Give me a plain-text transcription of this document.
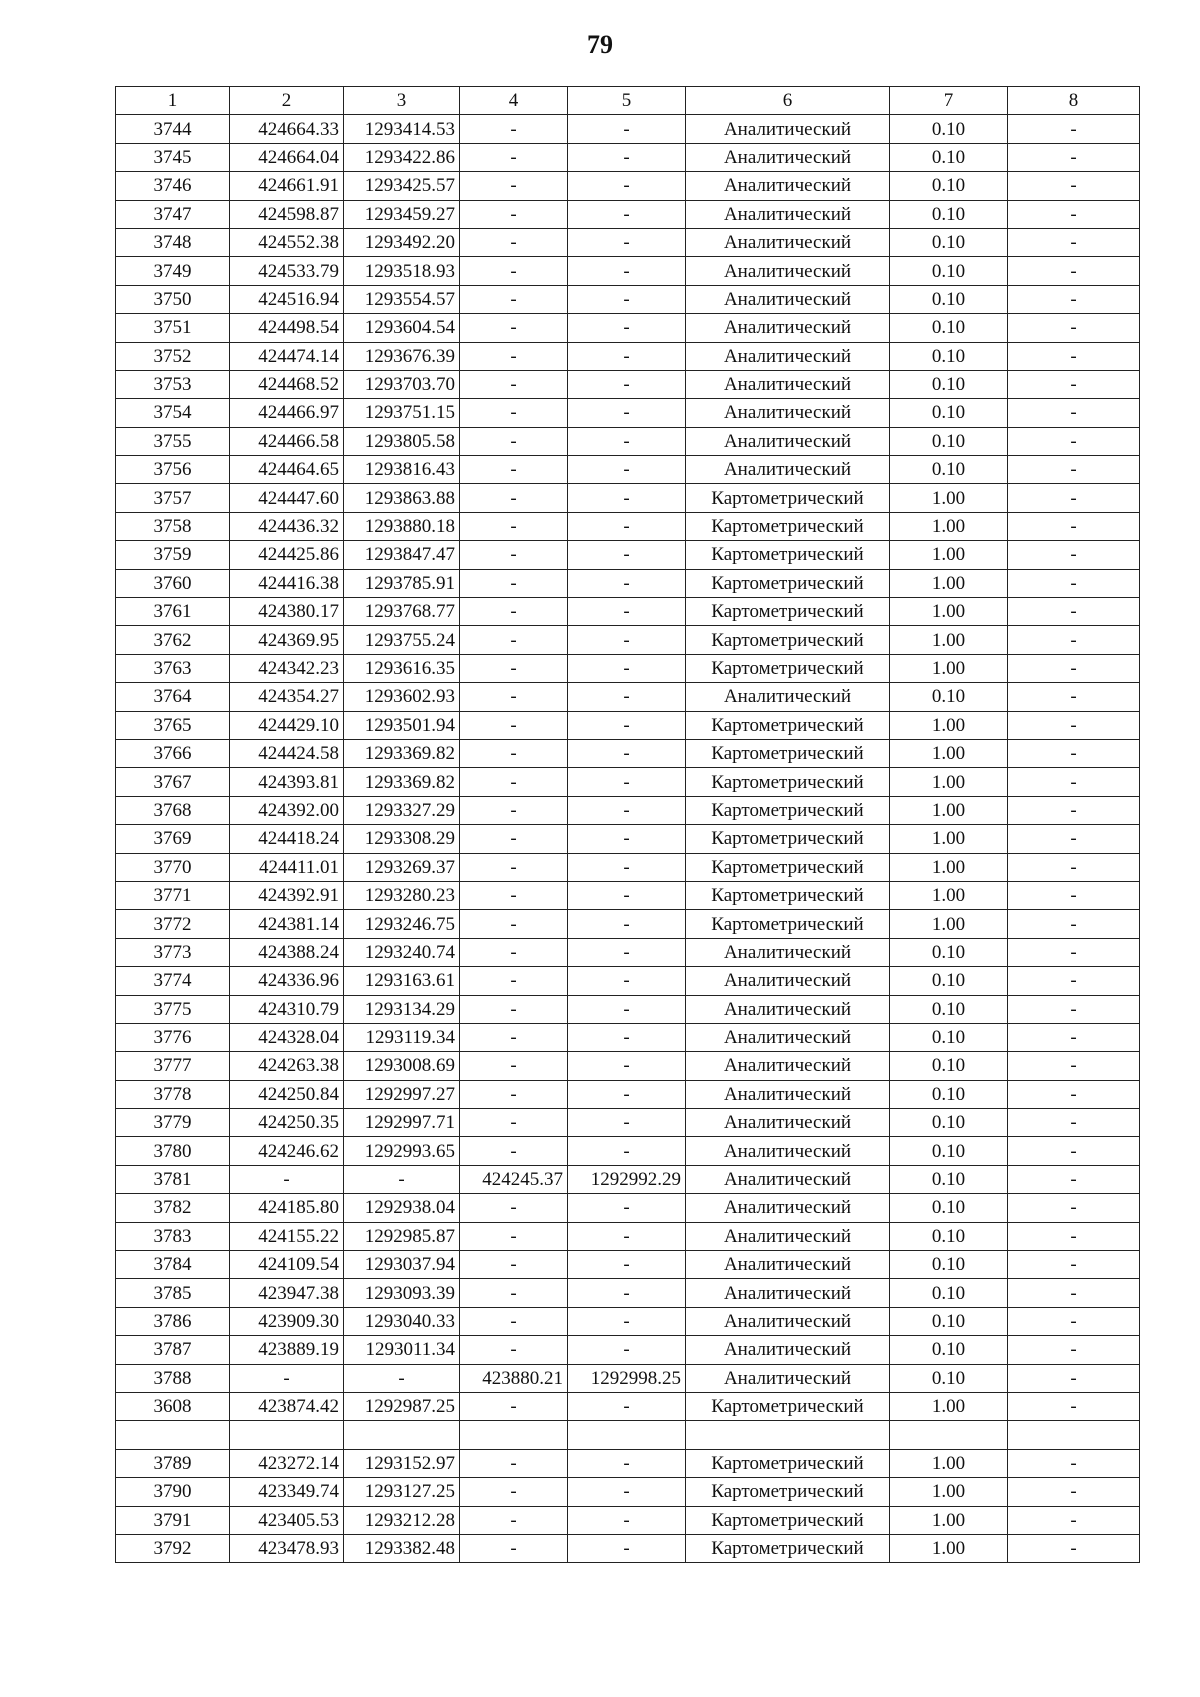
79
1	2	3	4	5	6	7	8
3744	424664.33	1293414.53	-	-	Аналитический	0.10	-
3745	424664.04	1293422.86	-	-	Аналитический	0.10	-
3746	424661.91	1293425.57	-	-	Аналитический	0.10	-
3747	424598.87	1293459.27	-	-	Аналитический	0.10	-
3748	424552.38	1293492.20	-	-	Аналитический	0.10	-
3749	424533.79	1293518.93	-	-	Аналитический	0.10	-
3750	424516.94	1293554.57	-	-	Аналитический	0.10	-
3751	424498.54	1293604.54	-	-	Аналитический	0.10	-
3752	424474.14	1293676.39	-	-	Аналитический	0.10	-
3753	424468.52	1293703.70	-	-	Аналитический	0.10	-
3754	424466.97	1293751.15	-	-	Аналитический	0.10	-
3755	424466.58	1293805.58	-	-	Аналитический	0.10	-
3756	424464.65	1293816.43	-	-	Аналитический	0.10	-
3757	424447.60	1293863.88	-	-	Картометрический	1.00	-
3758	424436.32	1293880.18	-	-	Картометрический	1.00	-
3759	424425.86	1293847.47	-	-	Картометрический	1.00	-
3760	424416.38	1293785.91	-	-	Картометрический	1.00	-
3761	424380.17	1293768.77	-	-	Картометрический	1.00	-
3762	424369.95	1293755.24	-	-	Картометрический	1.00	-
3763	424342.23	1293616.35	-	-	Картометрический	1.00	-
3764	424354.27	1293602.93	-	-	Аналитический	0.10	-
3765	424429.10	1293501.94	-	-	Картометрический	1.00	-
3766	424424.58	1293369.82	-	-	Картометрический	1.00	-
3767	424393.81	1293369.82	-	-	Картометрический	1.00	-
3768	424392.00	1293327.29	-	-	Картометрический	1.00	-
3769	424418.24	1293308.29	-	-	Картометрический	1.00	-
3770	424411.01	1293269.37	-	-	Картометрический	1.00	-
3771	424392.91	1293280.23	-	-	Картометрический	1.00	-
3772	424381.14	1293246.75	-	-	Картометрический	1.00	-
3773	424388.24	1293240.74	-	-	Аналитический	0.10	-
3774	424336.96	1293163.61	-	-	Аналитический	0.10	-
3775	424310.79	1293134.29	-	-	Аналитический	0.10	-
3776	424328.04	1293119.34	-	-	Аналитический	0.10	-
3777	424263.38	1293008.69	-	-	Аналитический	0.10	-
3778	424250.84	1292997.27	-	-	Аналитический	0.10	-
3779	424250.35	1292997.71	-	-	Аналитический	0.10	-
3780	424246.62	1292993.65	-	-	Аналитический	0.10	-
3781	-	-	424245.37	1292992.29	Аналитический	0.10	-
3782	424185.80	1292938.04	-	-	Аналитический	0.10	-
3783	424155.22	1292985.87	-	-	Аналитический	0.10	-
3784	424109.54	1293037.94	-	-	Аналитический	0.10	-
3785	423947.38	1293093.39	-	-	Аналитический	0.10	-
3786	423909.30	1293040.33	-	-	Аналитический	0.10	-
3787	423889.19	1293011.34	-	-	Аналитический	0.10	-
3788	-	-	423880.21	1292998.25	Аналитический	0.10	-
3608	423874.42	1292987.25	-	-	Картометрический	1.00	-

3789	423272.14	1293152.97	-	-	Картометрический	1.00	-
3790	423349.74	1293127.25	-	-	Картометрический	1.00	-
3791	423405.53	1293212.28	-	-	Картометрический	1.00	-
3792	423478.93	1293382.48	-	-	Картометрический	1.00	-
